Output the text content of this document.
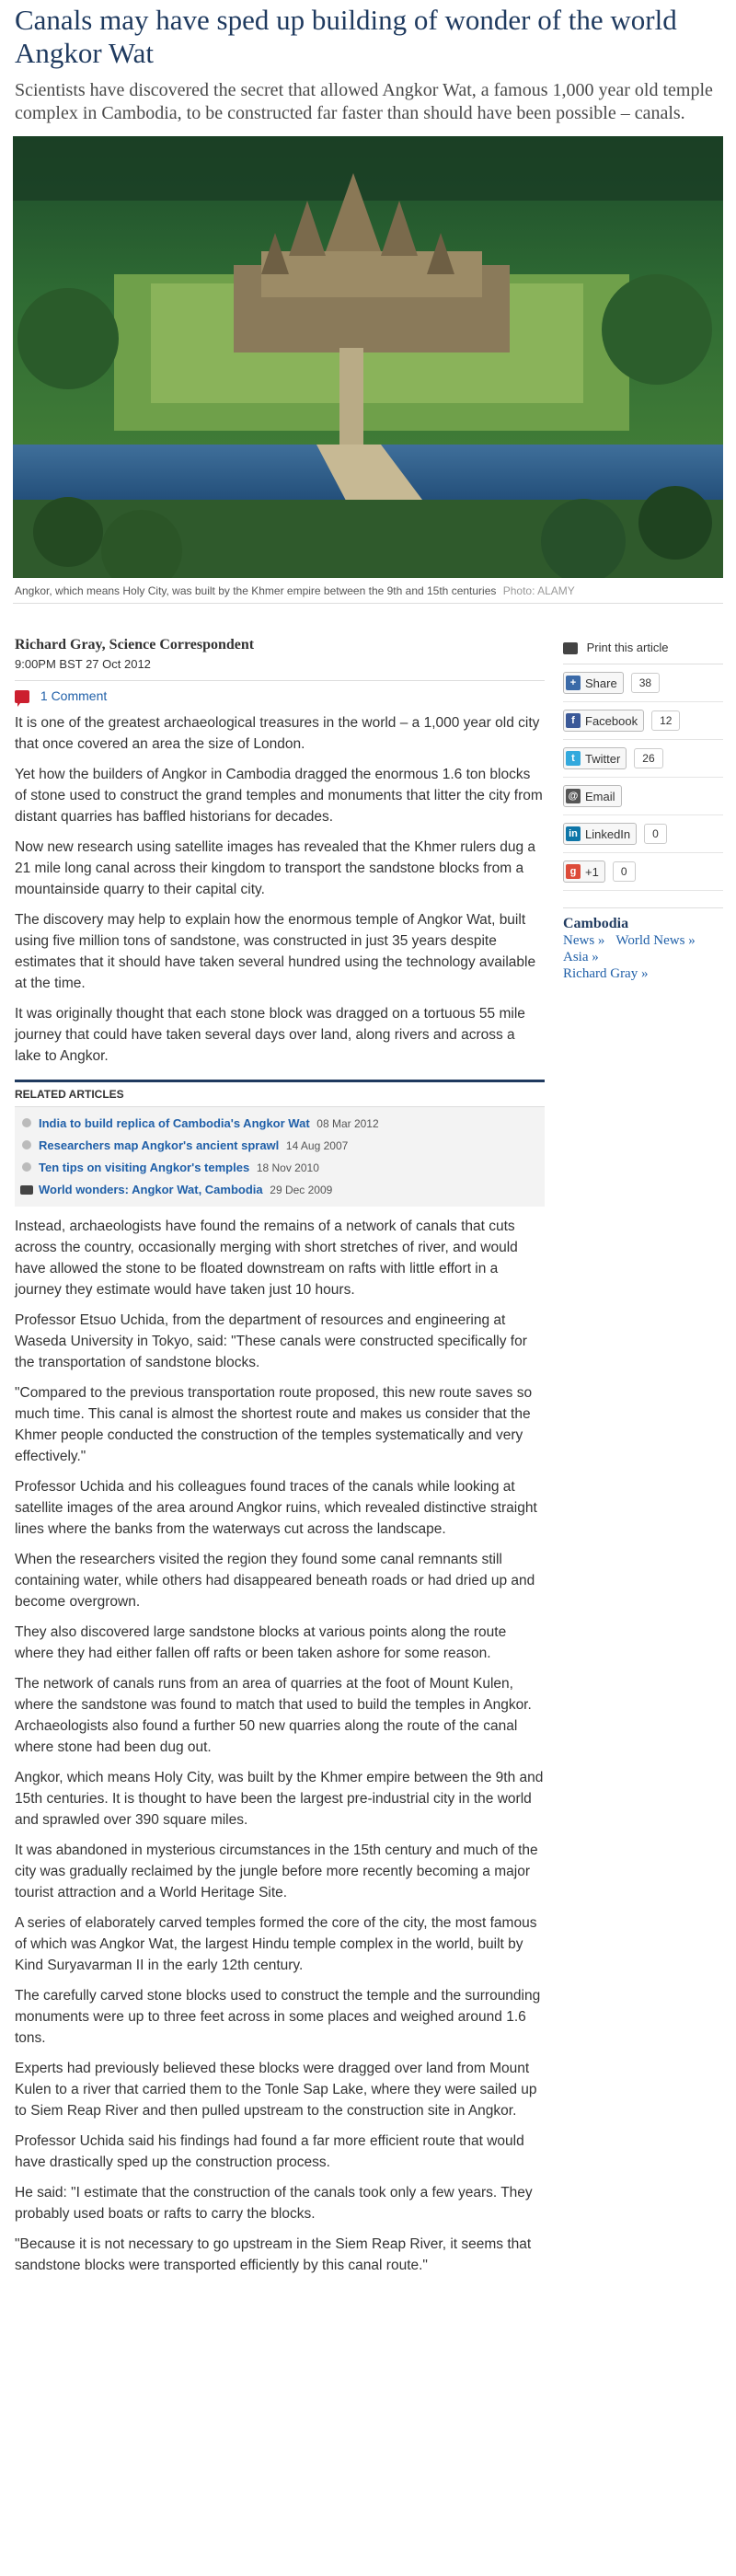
Canals may have sped up building of wonder of the world Angkor Wat

Scientists have discovered the secret that allowed Angkor Wat, a famous 1,000 year old temple complex in Cambodia, to be constructed far faster than should have been possible – canals.

Angkor, which means Holy City, was built by the Khmer empire between the 9th and 15th centuries Photo: ALAMY
Richard Gray, Science Correspondent
9:00PM BST 27 Oct 2012
1 Comment

It is one of the greatest archaeological treasures in the world – a 1,000 year old city that once covered an area the size of London.

Yet how the builders of Angkor in Cambodia dragged the enormous 1.6 ton blocks of stone used to construct the grand temples and monuments that litter the city from distant quarries has baffled historians for decades.

Now new research using satellite images has revealed that the Khmer rulers dug a 21 mile long canal across their kingdom to transport the sandstone blocks from a mountainside quarry to their capital city.

The discovery may help to explain how the enormous temple of Angkor Wat, built using five million tons of sandstone, was constructed in just 35 years despite estimates that it should have taken several hundred using the technology available at the time.

It was originally thought that each stone block was dragged on a tortuous 55 mile journey that could have taken several days over land, along rivers and across a lake to Angkor.

RELATED ARTICLES
India to build replica of Cambodia's Angkor Wat 08 Mar 2012
Researchers map Angkor's ancient sprawl 14 Aug 2007
Ten tips on visiting Angkor's temples 18 Nov 2010
World wonders: Angkor Wat, Cambodia 29 Dec 2009

Instead, archaeologists have found the remains of a network of canals that cuts across the country, occasionally merging with short stretches of river, and would have allowed the stone to be floated downstream on rafts with little effort in a journey they estimate would have taken just 10 hours.

Professor Etsuo Uchida, from the department of resources and engineering at Waseda University in Tokyo, said: "These canals were constructed specifically for the transportation of sandstone blocks.

"Compared to the previous transportation route proposed, this new route saves so much time. This canal is almost the shortest route and makes us consider that the Khmer people conducted the construction of the temples systematically and very effectively."

Professor Uchida and his colleagues found traces of the canals while looking at satellite images of the area around Angkor ruins, which revealed distinctive straight lines where the banks from the waterways cut across the landscape.

When the researchers visited the region they found some canal remnants still containing water, while others had disappeared beneath roads or had dried up and become overgrown.

They also discovered large sandstone blocks at various points along the route where they had either fallen off rafts or been taken ashore for some reason.

The network of canals runs from an area of quarries at the foot of Mount Kulen, where the sandstone was found to match that used to build the temples in Angkor. Archaeologists also found a further 50 new quarries along the route of the canal where stone had been dug out.

Angkor, which means Holy City, was built by the Khmer empire between the 9th and 15th centuries. It is thought to have been the largest pre-industrial city in the world and sprawled over 390 square miles.

It was abandoned in mysterious circumstances in the 15th century and much of the city was gradually reclaimed by the jungle before more recently becoming a major tourist attraction and a World Heritage Site.

A series of elaborately carved temples formed the core of the city, the most famous of which was Angkor Wat, the largest Hindu temple complex in the world, built by Kind Suryavarman II in the early 12th century.

The carefully carved stone blocks used to construct the temple and the surrounding monuments were up to three feet across in some places and weighed around 1.6 tons.

Experts had previously believed these blocks were dragged over land from Mount Kulen to a river that carried them to the Tonle Sap Lake, where they were sailed up to Siem Reap River and then pulled upstream to the construction site in Angkor.

Professor Uchida said his findings had found a far more efficient route that would have drastically sped up the construction process.

He said: "I estimate that the construction of the canals took only a few years. They probably used boats or rafts to carry the blocks.

"Because it is not necessary to go upstream in the Siem Reap River, it seems that sandstone blocks were transported efficiently by this canal route."

Print this article
+ Share	38
f Facebook	12
t Twitter	26
@ Email
in LinkedIn	0
g +1	0
Cambodia
News » World News »
Asia »
Richard Gray »
